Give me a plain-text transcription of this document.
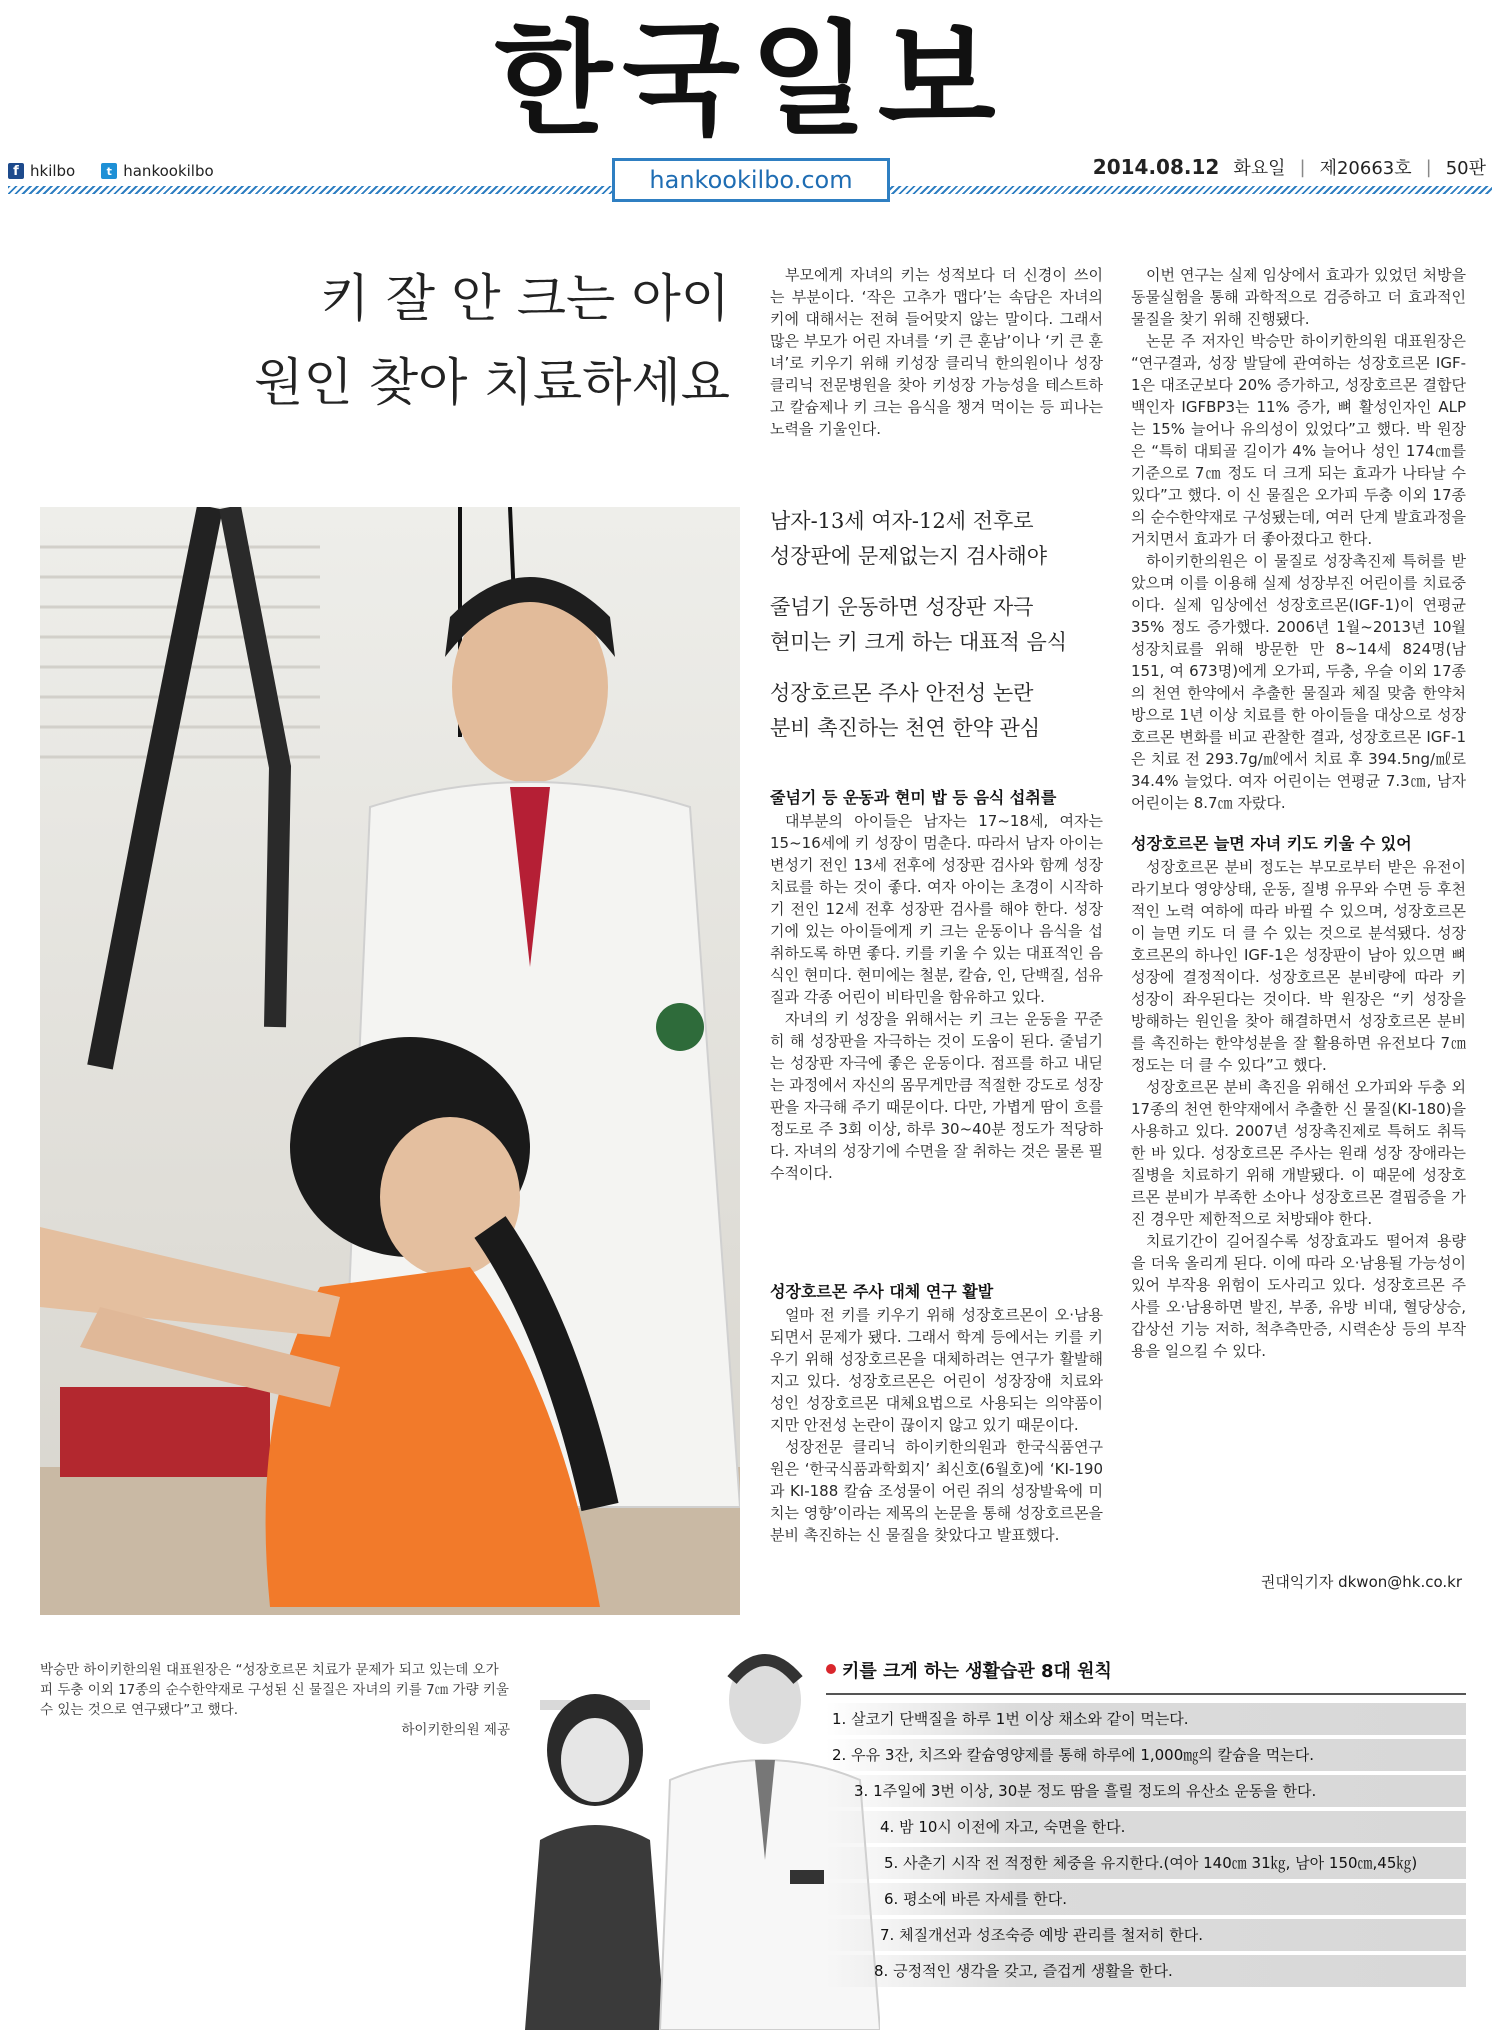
한국일보
f hkilbo	t hankookilbo	hankookilbo.com	2014.08.12 화요일 | 제20663호 | 50판
키 잘 안 크는 아이
원인 찾아 치료하세요

부모에게 자녀의 키는 성적보다 더 신경이 쓰이는 부분이다. ‘작은 고추가 맵다’는 속담은 자녀의 키에 대해서는 전혀 들어맞지 않는 말이다. 그래서 많은 부모가 어린 자녀를 ‘키 큰 훈남’이나 ‘키 큰 훈녀’로 키우기 위해 키성장 클리닉 한의원이나 성장클리닉 전문병원을 찾아 키성장 가능성을 테스트하고 칼슘제나 키 크는 음식을 챙겨 먹이는 등 피나는 노력을 기울인다.

남자-13세 여자-12세 전후로
성장판에 문제없는지 검사해야
줄넘기 운동하면 성장판 자극
현미는 키 크게 하는 대표적 음식
성장호르몬 주사 안전성 논란
분비 촉진하는 천연 한약 관심

줄넘기 등 운동과 현미 밥 등 음식 섭취를

대부분의 아이들은 남자는 17~18세, 여자는 15~16세에 키 성장이 멈춘다. 따라서 남자 아이는 변성기 전인 13세 전후에 성장판 검사와 함께 성장치료를 하는 것이 좋다. 여자 아이는 초경이 시작하기 전인 12세 전후 성장판 검사를 해야 한다. 성장기에 있는 아이들에게 키 크는 운동이나 음식을 섭취하도록 하면 좋다. 키를 키울 수 있는 대표적인 음식인 현미다. 현미에는 철분, 칼슘, 인, 단백질, 섬유질과 각종 어린이 비타민을 함유하고 있다.

자녀의 키 성장을 위해서는 키 크는 운동을 꾸준히 해 성장판을 자극하는 것이 도움이 된다. 줄넘기는 성장판 자극에 좋은 운동이다. 점프를 하고 내딛는 과정에서 자신의 몸무게만큼 적절한 강도로 성장판을 자극해 주기 때문이다. 다만, 가볍게 땀이 흐를 정도로 주 3회 이상, 하루 30~40분 정도가 적당하다. 자녀의 성장기에 수면을 잘 취하는 것은 물론 필수적이다.

성장호르몬 주사 대체 연구 활발

얼마 전 키를 키우기 위해 성장호르몬이 오·남용되면서 문제가 됐다. 그래서 학계 등에서는 키를 키우기 위해 성장호르몬을 대체하려는 연구가 활발해지고 있다. 성장호르몬은 어린이 성장장애 치료와 성인 성장호르몬 대체요법으로 사용되는 의약품이지만 안전성 논란이 끊이지 않고 있기 때문이다.

성장전문 클리닉 하이키한의원과 한국식품연구원은 ‘한국식품과학회지’ 최신호(6월호)에 ‘KI-190과 KI-188 칼슘 조성물이 어린 쥐의 성장발육에 미치는 영향’이라는 제목의 논문을 통해 성장호르몬을 분비 촉진하는 신 물질을 찾았다고 발표했다.

이번 연구는 실제 임상에서 효과가 있었던 처방을 동물실험을 통해 과학적으로 검증하고 더 효과적인 물질을 찾기 위해 진행됐다.

논문 주 저자인 박승만 하이키한의원 대표원장은 “연구결과, 성장 발달에 관여하는 성장호르몬 IGF-1은 대조군보다 20% 증가하고, 성장호르몬 결합단백인자 IGFBP3는 11% 증가, 뼈 활성인자인 ALP는 15% 늘어나 유의성이 있었다”고 했다. 박 원장은 “특히 대퇴골 길이가 4% 늘어나 성인 174㎝를 기준으로 7㎝ 정도 더 크게 되는 효과가 나타날 수 있다”고 했다. 이 신 물질은 오가피 두충 이외 17종의 순수한약재로 구성됐는데, 여러 단계 발효과정을 거치면서 효과가 더 좋아졌다고 한다.

하이키한의원은 이 물질로 성장촉진제 특허를 받았으며 이를 이용해 실제 성장부진 어린이를 치료중이다. 실제 임상에선 성장호르몬(IGF-1)이 연평균 35% 정도 증가했다. 2006년 1월~2013년 10월 성장치료를 위해 방문한 만 8~14세 824명(남 151, 여 673명)에게 오가피, 두충, 우슬 이외 17종의 천연 한약에서 추출한 물질과 체질 맞춤 한약처방으로 1년 이상 치료를 한 아이들을 대상으로 성장호르몬 변화를 비교 관찰한 결과, 성장호르몬 IGF-1은 치료 전 293.7g/㎖에서 치료 후 394.5ng/㎖로 34.4% 늘었다. 여자 어린이는 연평균 7.3㎝, 남자 어린이는 8.7㎝ 자랐다.

성장호르몬 늘면 자녀 키도 키울 수 있어

성장호르몬 분비 정도는 부모로부터 받은 유전이라기보다 영양상태, 운동, 질병 유무와 수면 등 후천적인 노력 여하에 따라 바뀔 수 있으며, 성장호르몬이 늘면 키도 더 클 수 있는 것으로 분석됐다. 성장호르몬의 하나인 IGF-1은 성장판이 남아 있으면 뼈 성장에 결정적이다. 성장호르몬 분비량에 따라 키 성장이 좌우된다는 것이다. 박 원장은 “키 성장을 방해하는 원인을 찾아 해결하면서 성장호르몬 분비를 촉진하는 한약성분을 잘 활용하면 유전보다 7㎝ 정도는 더 클 수 있다”고 했다.

성장호르몬 분비 촉진을 위해선 오가피와 두충 외 17종의 천연 한약재에서 추출한 신 물질(KI-180)을 사용하고 있다. 2007년 성장촉진제로 특허도 취득한 바 있다. 성장호르몬 주사는 원래 성장 장애라는 질병을 치료하기 위해 개발됐다. 이 때문에 성장호르몬 분비가 부족한 소아나 성장호르몬 결핍증을 가진 경우만 제한적으로 처방돼야 한다.

치료기간이 길어질수록 성장효과도 떨어져 용량을 더욱 올리게 된다. 이에 따라 오·남용될 가능성이 있어 부작용 위험이 도사리고 있다. 성장호르몬 주사를 오·남용하면 발진, 부종, 유방 비대, 혈당상승, 갑상선 기능 저하, 척추측만증, 시력손상 등의 부작용을 일으킬 수 있다.

권대익기자 dkwon@hk.co.kr
박승만 하이키한의원 대표원장은 “성장호르몬 치료가 문제가 되고 있는데 오가피 두충 이외 17종의 순수한약재로 구성된 신 물질은 자녀의 키를 7㎝ 가량 키울 수 있는 것으로 연구됐다”고 했다.
하이키한의원 제공
키를 크게 하는 생활습관 8대 원칙
1. 살코기 단백질을 하루 1번 이상 채소와 같이 먹는다.
2. 우유 3잔, 치즈와 칼슘영양제를 통해 하루에 1,000㎎의 칼슘을 먹는다.
3. 1주일에 3번 이상, 30분 정도 땀을 흘릴 정도의 유산소 운동을 한다.
4. 밤 10시 이전에 자고, 숙면을 한다.
5. 사춘기 시작 전 적정한 체중을 유지한다.(여아 140㎝ 31㎏, 남아 150㎝,45㎏)
6. 평소에 바른 자세를 한다.
7. 체질개선과 성조숙증 예방 관리를 철저히 한다.
8. 긍정적인 생각을 갖고, 즐겁게 생활을 한다.
